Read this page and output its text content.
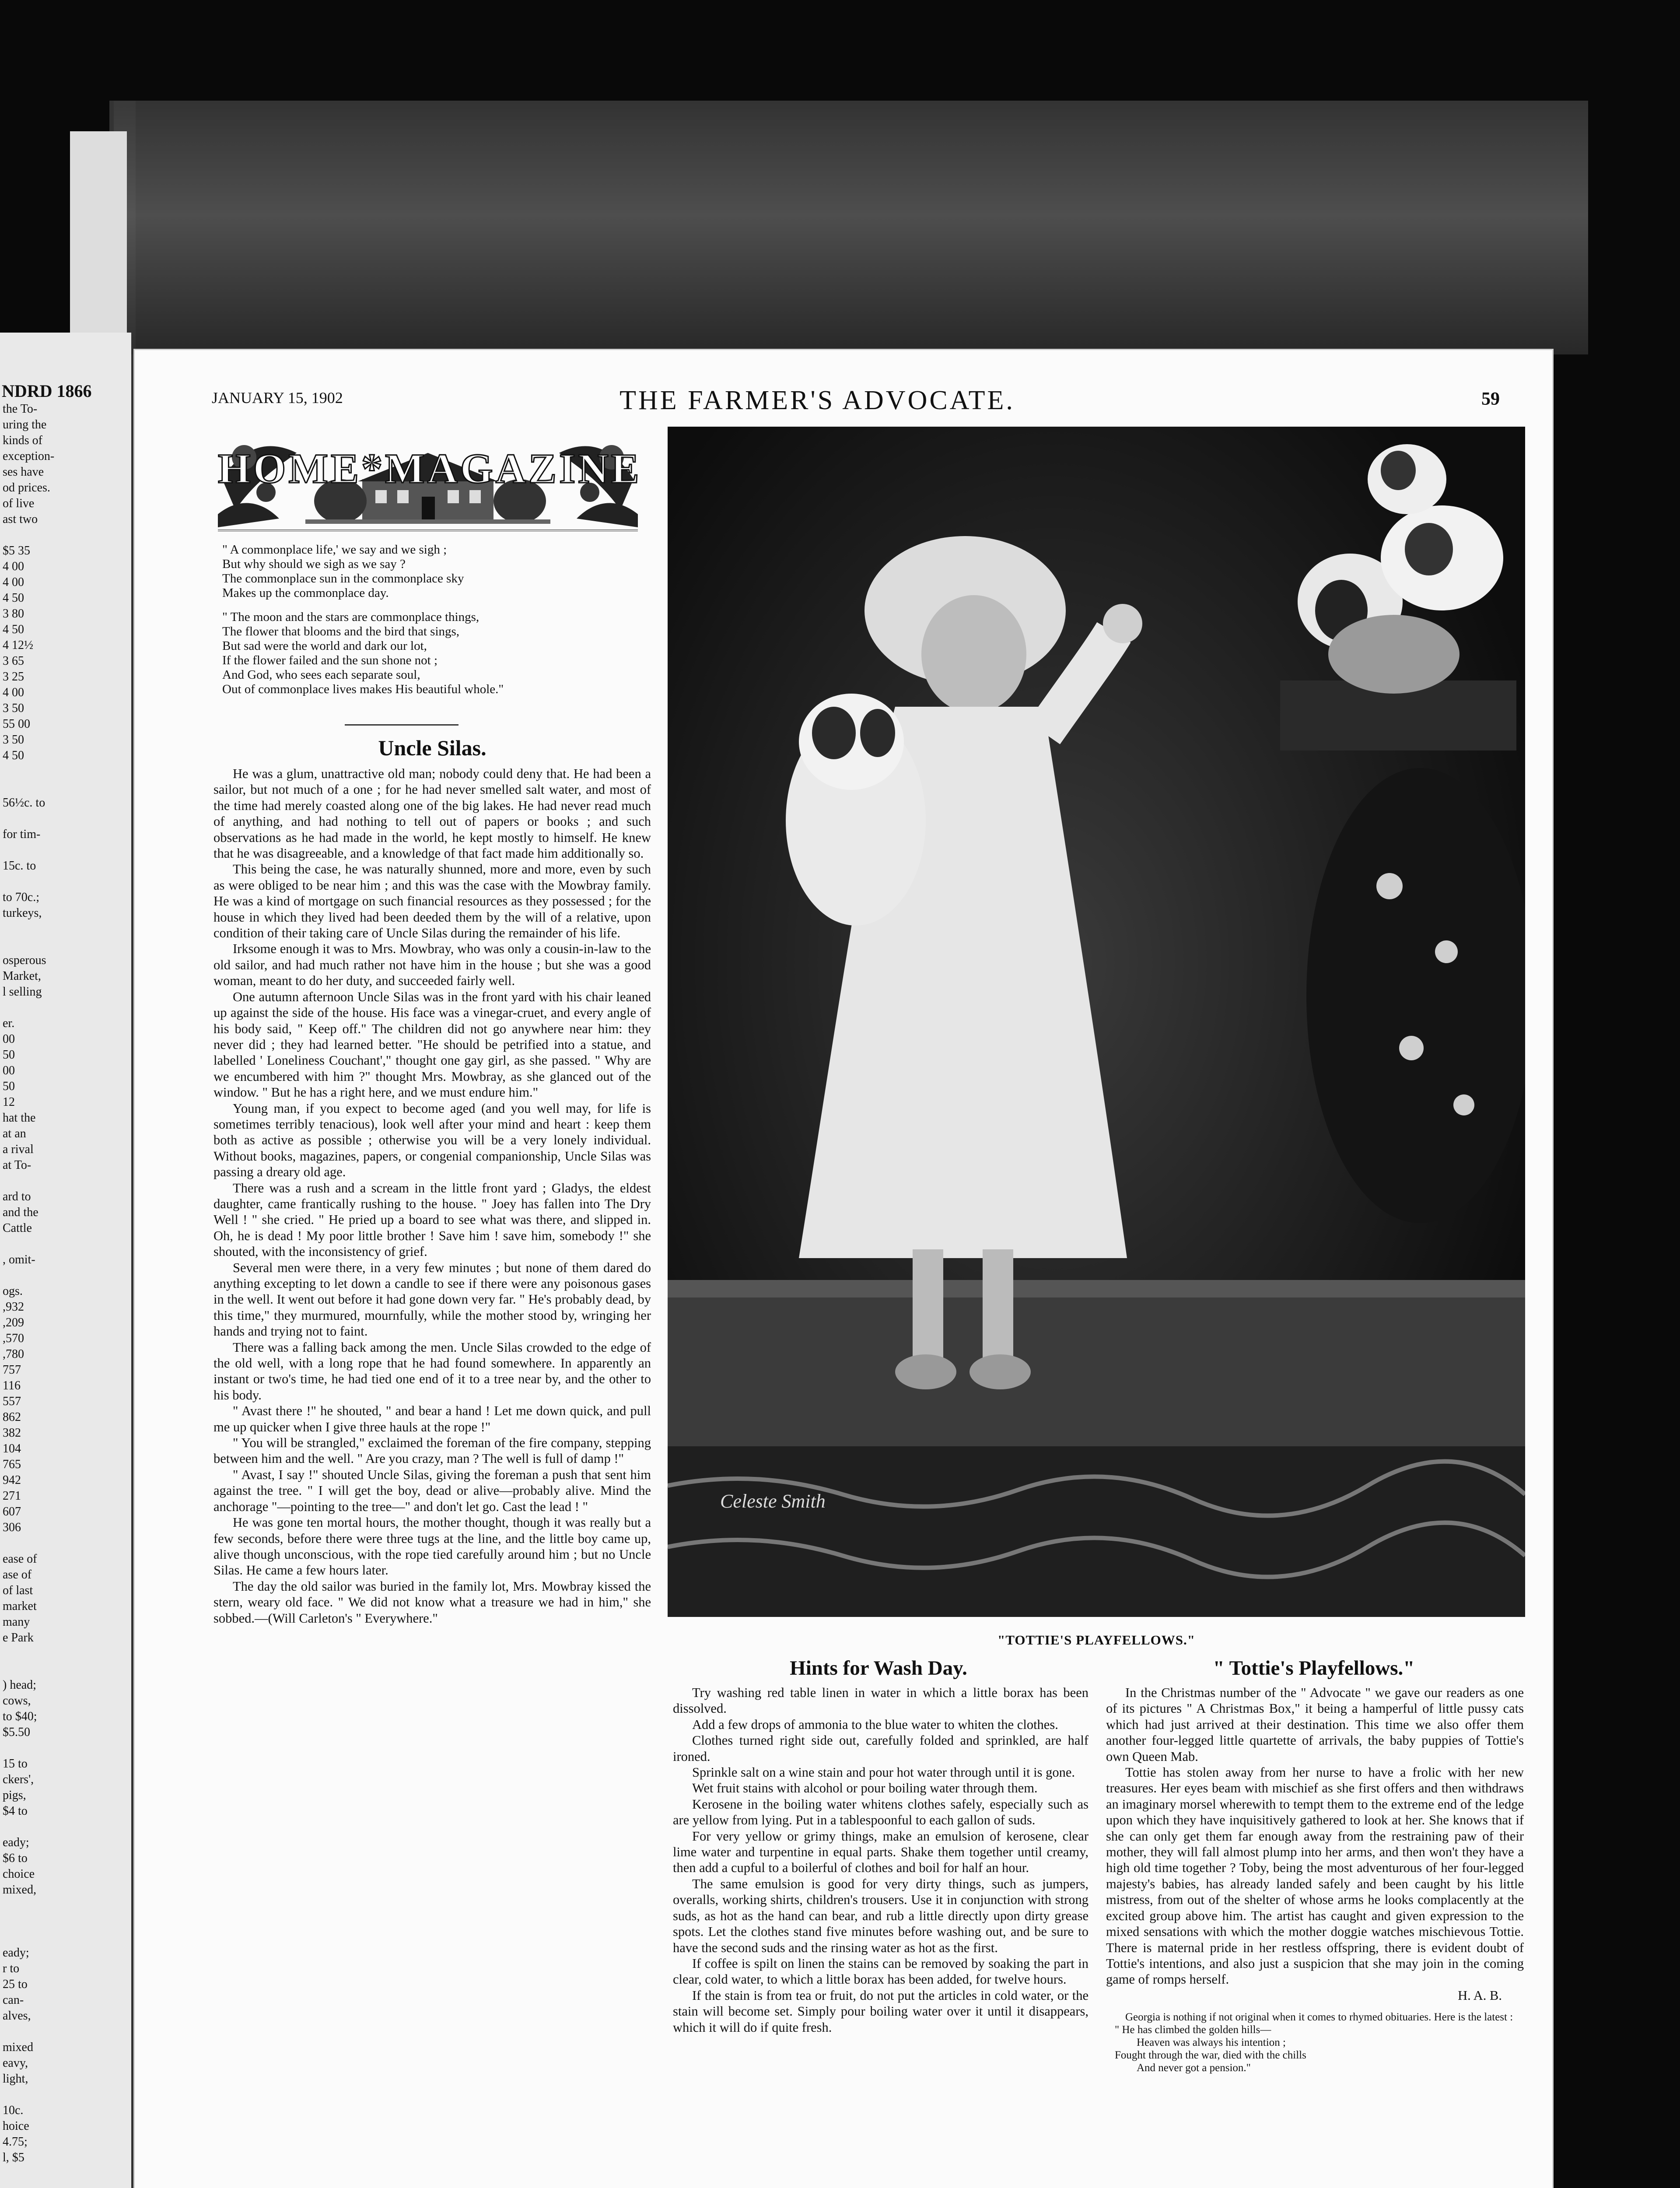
NDRD 1866
the To-
uring the
kinds of
exception-
ses have
od prices.
of live
ast two

$5 35
4 00
4 00
4 50
3 80
4 50
4 12½
3 65
3 25
4 00
3 50
55 00
3 50
4 50

56½c. to

for tim-

15c. to

to 70c.;
turkeys,

osperous
Market,
l selling

er.
00
50
00
50
12
hat the
at an
a rival
at To-

ard to
and the
Cattle

, omit-

ogs.
,932
,209
,570
,780
757
116
557
862
382
104
765
942
271
607
306

ease of
ase of
of last
market
many
e Park

) head;
cows,
to $40;
$5.50

15 to
ckers',
pigs,
$4 to

eady;
$6 to
choice
mixed,

eady;
r to
25 to
can-
alves,

mixed
eavy,
light,

10c.
hoice
4.75;
l, $5

JANUARY 15, 1902	THE FARMER'S ADVOCATE.	59
HOME*MAGAZINE
" A commonplace life,' we say and we sigh ;
But why should we sigh as we say ?
The commonplace sun in the commonplace sky
Makes up the commonplace day.
" The moon and the stars are commonplace things,
The flower that blooms and the bird that sings,
But sad were the world and dark our lot,
If the flower failed and the sun shone not ;
And God, who sees each separate soul,
Out of commonplace lives makes His beautiful whole."
Uncle Silas.

He was a glum, unattractive old man; nobody could deny that. He had been a sailor, but not much of a one ; for he had never smelled salt water, and most of the time had merely coasted along one of the big lakes. He had never read much of anything, and had nothing to tell out of papers or books ; and such observations as he had made in the world, he kept mostly to himself. He knew that he was disagreeable, and a knowledge of that fact made him additionally so.

This being the case, he was naturally shunned, more and more, even by such as were obliged to be near him ; and this was the case with the Mowbray family. He was a kind of mortgage on such financial resources as they possessed ; for the house in which they lived had been deeded them by the will of a relative, upon condition of their taking care of Uncle Silas during the remainder of his life.

Irksome enough it was to Mrs. Mowbray, who was only a cousin-in-law to the old sailor, and had much rather not have him in the house ; but she was a good woman, meant to do her duty, and succeeded fairly well.

One autumn afternoon Uncle Silas was in the front yard with his chair leaned up against the side of the house. His face was a vinegar-cruet, and every angle of his body said, " Keep off." The children did not go anywhere near him: they never did ; they had learned better. "He should be petrified into a statue, and labelled ' Loneliness Couchant'," thought one gay girl, as she passed. " Why are we encumbered with him ?" thought Mrs. Mowbray, as she glanced out of the window. " But he has a right here, and we must endure him."

Young man, if you expect to become aged (and you well may, for life is sometimes terribly tenacious), look well after your mind and heart : keep them both as active as possible ; otherwise you will be a very lonely individual. Without books, magazines, papers, or congenial companionship, Uncle Silas was passing a dreary old age.

There was a rush and a scream in the little front yard ; Gladys, the eldest daughter, came frantically rushing to the house. " Joey has fallen into The Dry Well ! " she cried. " He pried up a board to see what was there, and slipped in. Oh, he is dead ! My poor little brother ! Save him ! save him, somebody !" she shouted, with the inconsistency of grief.

Several men were there, in a very few minutes ; but none of them dared do anything excepting to let down a candle to see if there were any poisonous gases in the well. It went out before it had gone down very far. " He's probably dead, by this time," they murmured, mournfully, while the mother stood by, wringing her hands and trying not to faint.

There was a falling back among the men. Uncle Silas crowded to the edge of the old well, with a long rope that he had found somewhere. In apparently an instant or two's time, he had tied one end of it to a tree near by, and the other to his body.

" Avast there !" he shouted, " and bear a hand ! Let me down quick, and pull me up quicker when I give three hauls at the rope !"

" You will be strangled," exclaimed the foreman of the fire company, stepping between him and the well. " Are you crazy, man ? The well is full of damp !"

" Avast, I say !" shouted Uncle Silas, giving the foreman a push that sent him against the tree. " I will get the boy, dead or alive—probably alive. Mind the anchorage "—pointing to the tree—" and don't let go. Cast the lead ! "

He was gone ten mortal hours, the mother thought, though it was really but a few seconds, before there were three tugs at the line, and the little boy came up, alive though unconscious, with the rope tied carefully around him ; but no Uncle Silas. He came a few hours later.

The day the old sailor was buried in the family lot, Mrs. Mowbray kissed the stern, weary old face. " We did not know what a treasure we had in him," she sobbed.—(Will Carleton's " Everywhere."

Celeste Smith
"TOTTIE'S PLAYFELLOWS."
Hints for Wash Day.

Try washing red table linen in water in which a little borax has been dissolved.

Add a few drops of ammonia to the blue water to whiten the clothes.

Clothes turned right side out, carefully folded and sprinkled, are half ironed.

Sprinkle salt on a wine stain and pour hot water through until it is gone.

Wet fruit stains with alcohol or pour boiling water through them.

Kerosene in the boiling water whitens clothes safely, especially such as are yellow from lying. Put in a tablespoonful to each gallon of suds.

For very yellow or grimy things, make an emulsion of kerosene, clear lime water and turpentine in equal parts. Shake them together until creamy, then add a cupful to a boilerful of clothes and boil for half an hour.

The same emulsion is good for very dirty things, such as jumpers, overalls, working shirts, children's trousers. Use it in conjunction with strong suds, as hot as the hand can bear, and rub a little directly upon dirty grease spots. Let the clothes stand five minutes before washing out, and be sure to have the second suds and the rinsing water as hot as the first.

If coffee is spilt on linen the stains can be removed by soaking the part in clear, cold water, to which a little borax has been added, for twelve hours.

If the stain is from tea or fruit, do not put the articles in cold water, or the stain will become set. Simply pour boiling water over it until it disappears, which it will do if quite fresh.

" Tottie's Playfellows."

In the Christmas number of the " Advocate " we gave our readers as one of its pictures " A Christmas Box," it being a hamperful of little pussy cats which had just arrived at their destination. This time we also offer them another four-legged little quartette of arrivals, the baby puppies of Tottie's own Queen Mab.

Tottie has stolen away from her nurse to have a frolic with her new treasures. Her eyes beam with mischief as she first offers and then withdraws an imaginary morsel wherewith to tempt them to the extreme end of the ledge upon which they have inquisitively gathered to look at her. She knows that if she can only get them far enough away from the restraining paw of their mother, they will fall almost plump into her arms, and then won't they have a high old time together ? Toby, being the most adventurous of her four-legged majesty's babies, has already landed safely and been caught by his little mistress, from out of the shelter of whose arms he looks complacently at the excited group above him. The artist has caught and given expression to the mixed sensations with which the mother doggie watches mischievous Tottie. There is maternal pride in her restless offspring, there is evident doubt of Tottie's intentions, and also just a suspicion that she may join in the coming game of romps herself.

H. A. B.

Georgia is nothing if not original when it comes to rhymed obituaries. Here is the latest :
" He has climbed the golden hills—
Heaven was always his intention ;
Fought through the war, died with the chills
And never got a pension."
